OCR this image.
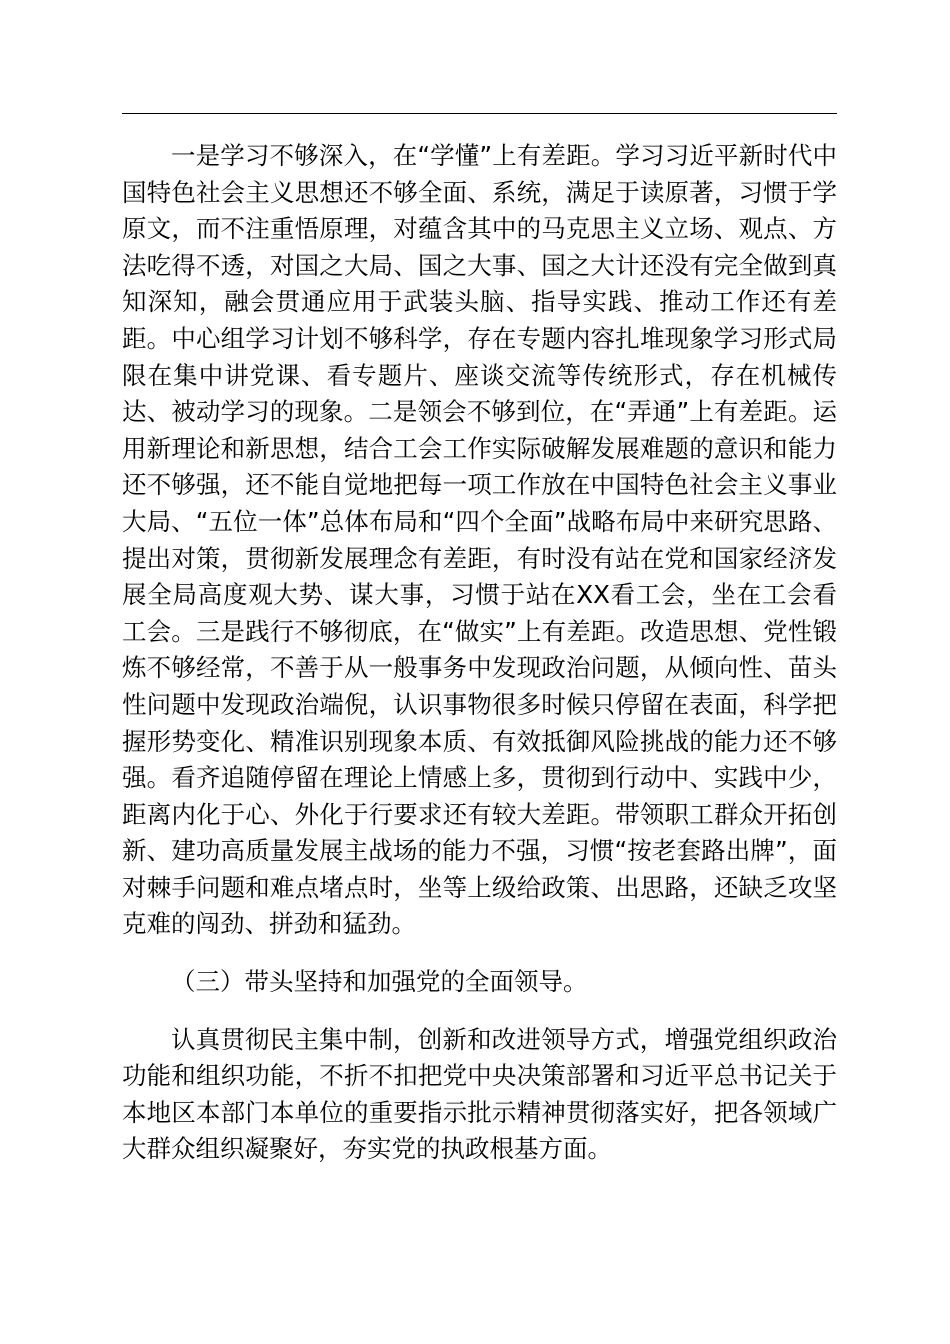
一是学习不够深入，在“学懂”上有差距。学习习近平新时代中国特色社会主义思想还不够全面、系统，满足于读原著，习惯于学原文，而不注重悟原理，对蕴含其中的马克思主义立场、观点、方法吃得不透，对国之大局、国之大事、国之大计还没有完全做到真知深知，融会贯通应用于武装头脑、指导实践、推动工作还有差距。中心组学习计划不够科学，存在专题内容扎堆现象学习形式局限在集中讲党课、看专题片、座谈交流等传统形式，存在机械传达、被动学习的现象。二是领会不够到位，在“弄通”上有差距。运用新理论和新思想，结合工会工作实际破解发展难题的意识和能力还不够强，还不能自觉地把每一项工作放在中国特色社会主义事业大局、“五位一体”总体布局和“四个全面”战略布局中来研究思路、提出对策，贯彻新发展理念有差距，有时没有站在党和国家经济发展全局高度观大势、谋大事，习惯于站在XX看工会，坐在工会看工会。三是践行不够彻底，在“做实”上有差距。改造思想、党性锻炼不够经常，不善于从一般事务中发现政治问题，从倾向性、苗头性问题中发现政治端倪，认识事物很多时候只停留在表面，科学把握形势变化、精准识别现象本质、有效抵御风险挑战的能力还不够强。看齐追随停留在理论上情感上多，贯彻到行动中、实践中少，距离内化于心、外化于行要求还有较大差距。带领职工群众开拓创新、建功高质量发展主战场的能力不强，习惯“按老套路出牌”，面对棘手问题和难点堵点时，坐等上级给政策、出思路，还缺乏攻坚克难的闯劲、拼劲和猛劲。

（三）带头坚持和加强党的全面领导。

认真贯彻民主集中制，创新和改进领导方式，增强党组织政治功能和组织功能，不折不扣把党中央决策部署和习近平总书记关于本地区本部门本单位的重要指示批示精神贯彻落实好，把各领域广大群众组织凝聚好，夯实党的执政根基方面。
